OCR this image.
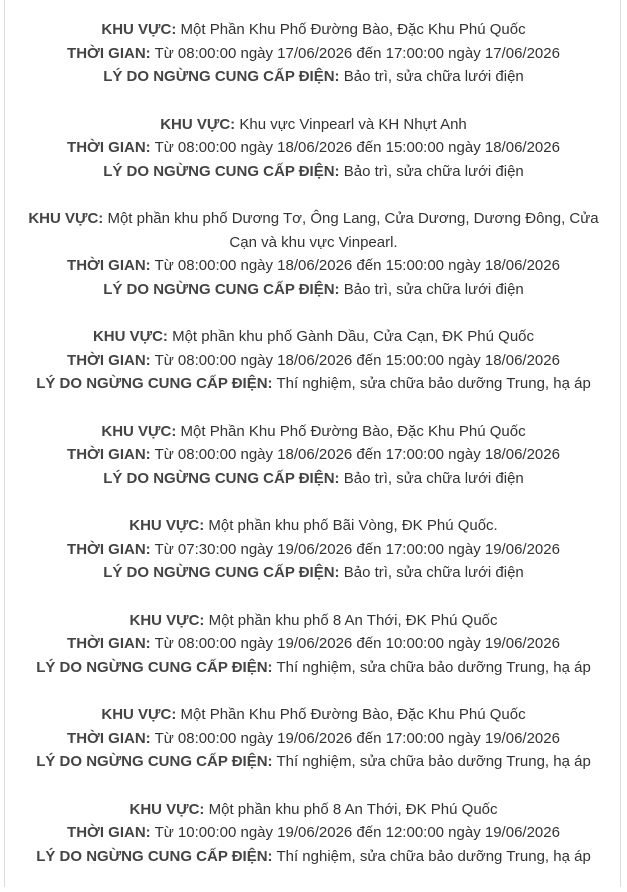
KHU VỰC: Một Phần Khu Phố Đường Bào, Đặc Khu Phú Quốc
THỜI GIAN: Từ 08:00:00 ngày 17/06/2026 đến 17:00:00 ngày 17/06/2026
LÝ DO NGỪNG CUNG CẤP ĐIỆN: Bảo trì, sửa chữa lưới điện
KHU VỰC: Khu vực Vinpearl và KH Nhựt Anh
THỜI GIAN: Từ 08:00:00 ngày 18/06/2026 đến 15:00:00 ngày 18/06/2026
LÝ DO NGỪNG CUNG CẤP ĐIỆN: Bảo trì, sửa chữa lưới điện
KHU VỰC: Một phần khu phố Dương Tơ, Ông Lang, Cửa Dương, Dương Đông, Cửa Cạn và khu vực Vinpearl.
THỜI GIAN: Từ 08:00:00 ngày 18/06/2026 đến 15:00:00 ngày 18/06/2026
LÝ DO NGỪNG CUNG CẤP ĐIỆN: Bảo trì, sửa chữa lưới điện
KHU VỰC: Một phần khu phố Gành Dầu, Cửa Cạn, ĐK Phú Quốc
THỜI GIAN: Từ 08:00:00 ngày 18/06/2026 đến 15:00:00 ngày 18/06/2026
LÝ DO NGỪNG CUNG CẤP ĐIỆN: Thí nghiệm, sửa chữa bảo dưỡng Trung, hạ áp
KHU VỰC: Một Phần Khu Phố Đường Bào, Đặc Khu Phú Quốc
THỜI GIAN: Từ 08:00:00 ngày 18/06/2026 đến 17:00:00 ngày 18/06/2026
LÝ DO NGỪNG CUNG CẤP ĐIỆN: Bảo trì, sửa chữa lưới điện
KHU VỰC: Một phần khu phố Bãi Vòng, ĐK Phú Quốc.
THỜI GIAN: Từ 07:30:00 ngày 19/06/2026 đến 17:00:00 ngày 19/06/2026
LÝ DO NGỪNG CUNG CẤP ĐIỆN: Bảo trì, sửa chữa lưới điện
KHU VỰC: Một phần khu phố 8 An Thới, ĐK Phú Quốc
THỜI GIAN: Từ 08:00:00 ngày 19/06/2026 đến 10:00:00 ngày 19/06/2026
LÝ DO NGỪNG CUNG CẤP ĐIỆN: Thí nghiệm, sửa chữa bảo dưỡng Trung, hạ áp
KHU VỰC: Một Phần Khu Phố Đường Bào, Đặc Khu Phú Quốc
THỜI GIAN: Từ 08:00:00 ngày 19/06/2026 đến 17:00:00 ngày 19/06/2026
LÝ DO NGỪNG CUNG CẤP ĐIỆN: Thí nghiệm, sửa chữa bảo dưỡng Trung, hạ áp
KHU VỰC: Một phần khu phố 8 An Thới, ĐK Phú Quốc
THỜI GIAN: Từ 10:00:00 ngày 19/06/2026 đến 12:00:00 ngày 19/06/2026
LÝ DO NGỪNG CUNG CẤP ĐIỆN: Thí nghiệm, sửa chữa bảo dưỡng Trung, hạ áp
